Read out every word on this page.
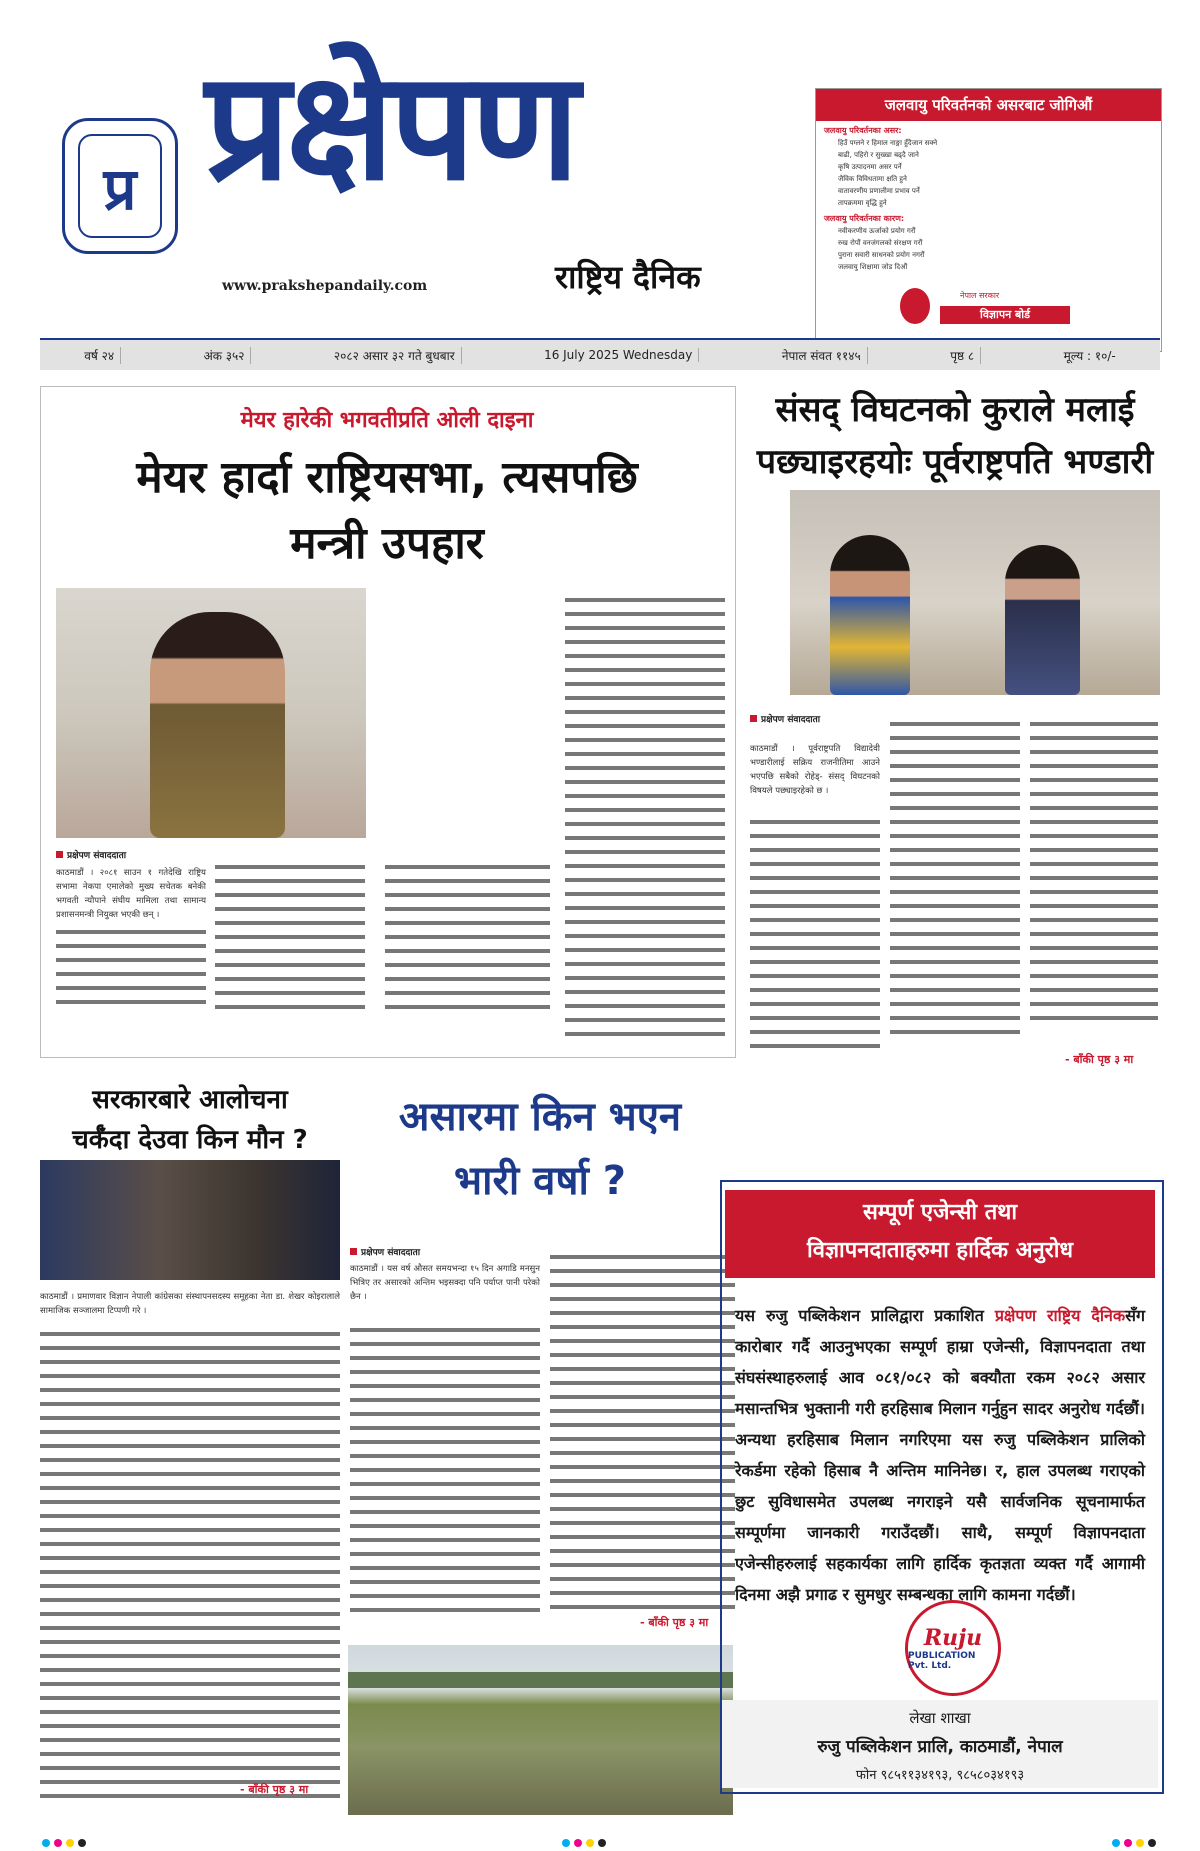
प्र प्रक्षेपण
राष्ट्रिय दैनिक
www.prakshepandaily.com
जलवायु परिवर्तनको असरबाट जोगिऔं
जलवायु परिवर्तनका असर:
हिउँ पग्लने र हिमाल नाङ्गा हुँदैजान सक्ने
बाढी, पहिरो र सुख्खा बढ्दै जाने
कृषि उत्पादनमा असर पर्ने
जैविक विविधतामा क्षति हुने
वातावरणीय प्रणालीमा प्रभाव पर्ने
तापक्रममा वृद्धि हुने
जलवायु परिवर्तनका कारण:
नवीकरणीय ऊर्जाको प्रयोग गरौं
रुख रोपौं वनजंगलको संरक्षण गरौं
पुराना सवारी साधनको प्रयोग नगरौं
जलवायु शिक्षामा जोड दिऔं
नेपाल सरकार
विज्ञापन बोर्ड
वर्ष २४	अंक ३५२	२०८२ असार ३२ गते बुधबार	16 July 2025 Wednesday	नेपाल संवत ११४५	पृष्ठ ८	मूल्य : १०/-
मेयर हारेकी भगवतीप्रति ओली दाइना
मेयर हार्दा राष्ट्रियसभा, त्यसपछि
मन्त्री उपहार
प्रक्षेपण संवाददाता
काठमाडौं । २०८१ साउन १ गतेदेखि राष्ट्रिय सभामा नेकपा एमालेको मुख्य सचेतक बनेकी भगवती न्यौपाने संघीय मामिला तथा सामान्य प्रशासनमन्त्री नियुक्त भएकी छन् ।
संसद् विघटनको कुराले मलाई
पछ्याइरहयोः पूर्वराष्ट्रपति भण्डारी
प्रक्षेपण संवाददाता
काठमाडौं । पूर्वराष्ट्रपति विद्यादेवी भण्डारीलाई सक्रिय राजनीतिमा आउने भएपछि सबैको रोहेड्- संसद् विघटनको विषयले पछ्याइरहेको छ ।
- बाँकी पृष्ठ ३ मा
सरकारबारे आलोचना
चर्कँदा देउवा किन मौन ?
काठमाडौं । प्रमाणवार विज्ञान नेपाली कांग्रेसका संस्थापनसदस्य समूहका नेता डा. शेखर कोइरालाले सामाजिक सञ्जालमा टिप्पणी गरे ।
- बाँकी पृष्ठ ३ मा
असारमा किन भएन
भारी वर्षा ?
प्रक्षेपण संवाददाता
काठमाडौं । यस वर्ष औसत समयभन्दा १५ दिन अगाडि मनसुन भित्रिए तर असारको अन्तिम भइसक्दा पनि पर्याप्त पानी परेको छैन ।
- बाँकी पृष्ठ ३ मा
सम्पूर्ण एजेन्सी तथा
विज्ञापनदाताहरुमा हार्दिक अनुरोध
यस रुजु पब्लिकेशन प्रालिद्वारा प्रकाशित प्रक्षेपण राष्ट्रिय दैनिकसँग कारोबार गर्दै आउनुभएका सम्पूर्ण हाम्रा एजेन्सी, विज्ञापनदाता तथा संघसंस्थाहरुलाई आव ०८१/०८२ को बक्यौता रकम २०८२ असार मसान्तभित्र भुक्तानी गरी हरहिसाब मिलान गर्नुहुन सादर अनुरोध गर्दछौं। अन्यथा हरहिसाब मिलान नगरिएमा यस रुजु पब्लिकेशन प्रालिको रेकर्डमा रहेको हिसाब नै अन्तिम मानिनेछ। र, हाल उपलब्ध गराएको छुट सुविधासमेत उपलब्ध नगराइने यसै सार्वजनिक सूचनामार्फत सम्पूर्णमा जानकारी गराउँदछौं। साथै, सम्पूर्ण विज्ञापनदाता एजेन्सीहरुलाई सहकार्यका लागि हार्दिक कृतज्ञता व्यक्त गर्दै आगामी दिनमा अझै प्रगाढ र सुमधुर सम्बन्धका लागि कामना गर्दछौं।
Ruju
PUBLICATION Pvt. Ltd.
लेखा शाखा
रुजु पब्लिकेशन प्रालि, काठमाडौं, नेपाल
फोन ९८५११३४१९३, ९८५८०३४१९३
